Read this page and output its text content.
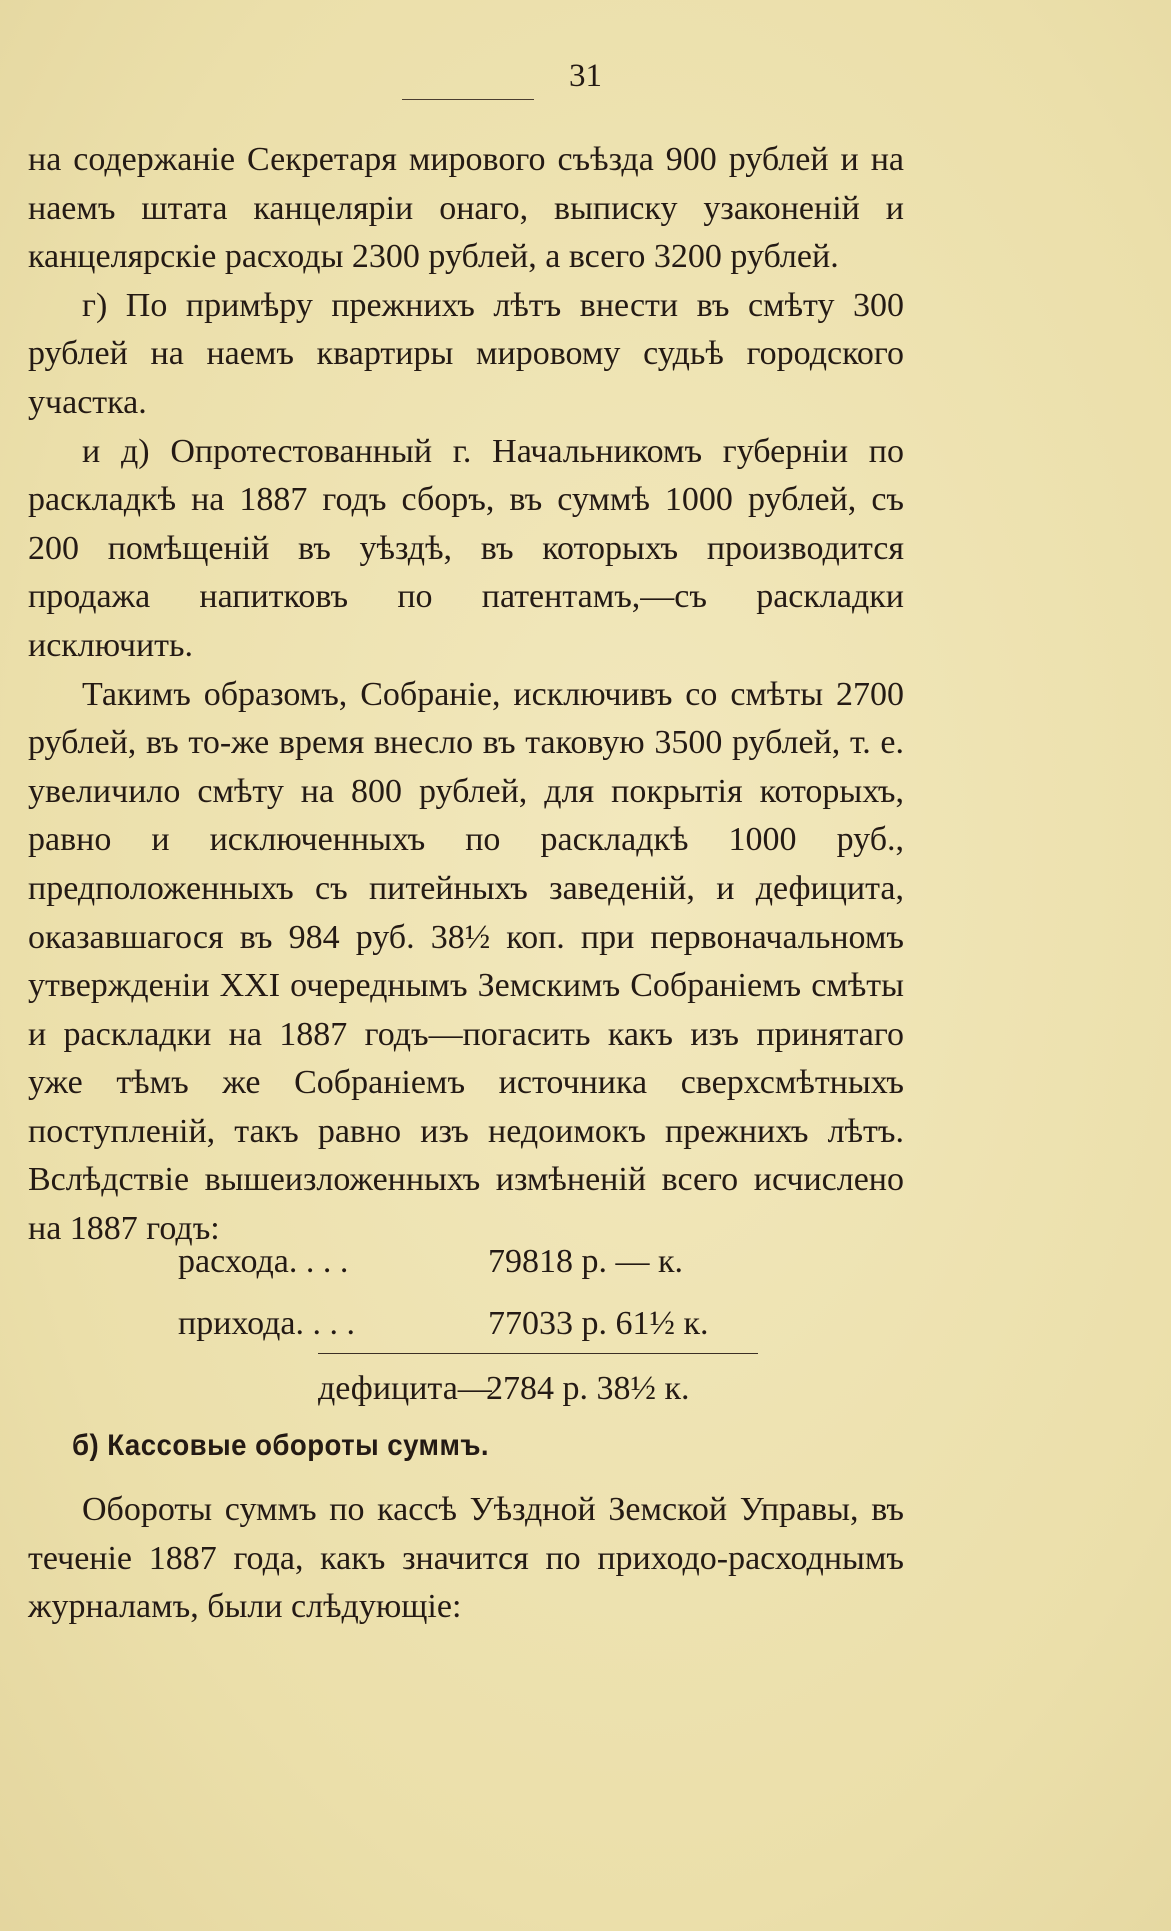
31

на содержаніе Секретаря мирового съѣзда 900 рублей и на наемъ штата канцеляріи онаго, выписку узаконеній и канцелярскіе расходы 2300 рублей, а всего 3200 рублей.

г) По примѣру прежнихъ лѣтъ внести въ смѣту 300 рублей на наемъ квартиры мировому судьѣ городского участка.

и д) Опротестованный г. Начальникомъ губерніи по раскладкѣ на 1887 годъ сборъ, въ суммѣ 1000 рублей, съ 200 помѣщеній въ уѣздѣ, въ которыхъ производится продажа напитковъ по патентамъ,—съ раскладки исключить.

Такимъ образомъ, Собраніе, исключивъ со смѣты 2700 рублей, въ то-же время внесло въ таковую 3500 рублей, т. е. увеличило смѣту на 800 рублей, для покрытія которыхъ, равно и исключенныхъ по раскладкѣ 1000 руб., предположенныхъ съ питейныхъ заведеній, и дефицита, оказавшагося въ 984 руб. 38½ коп. при первоначальномъ утвержденіи XXI очереднымъ Земскимъ Собраніемъ смѣты и раскладки на 1887 годъ—погасить какъ изъ принятаго уже тѣмъ же Собраніемъ источника сверхсмѣтныхъ поступленій, такъ равно изъ недоимокъ прежнихъ лѣтъ. Вслѣдствіе вышеизложенныхъ измѣненій всего исчислено на 1887 годъ:

расхода. . . .	79818 р. — к.
прихода. . . .	77033 р. 61½ к.
дефицита—
2784 р. 38½ к.
б) Кассовые обороты суммъ.

Обороты суммъ по кассѣ Уѣздной Земской Управы, въ теченіе 1887 года, какъ значится по приходо-расходнымъ журналамъ, были слѣдующіе:
